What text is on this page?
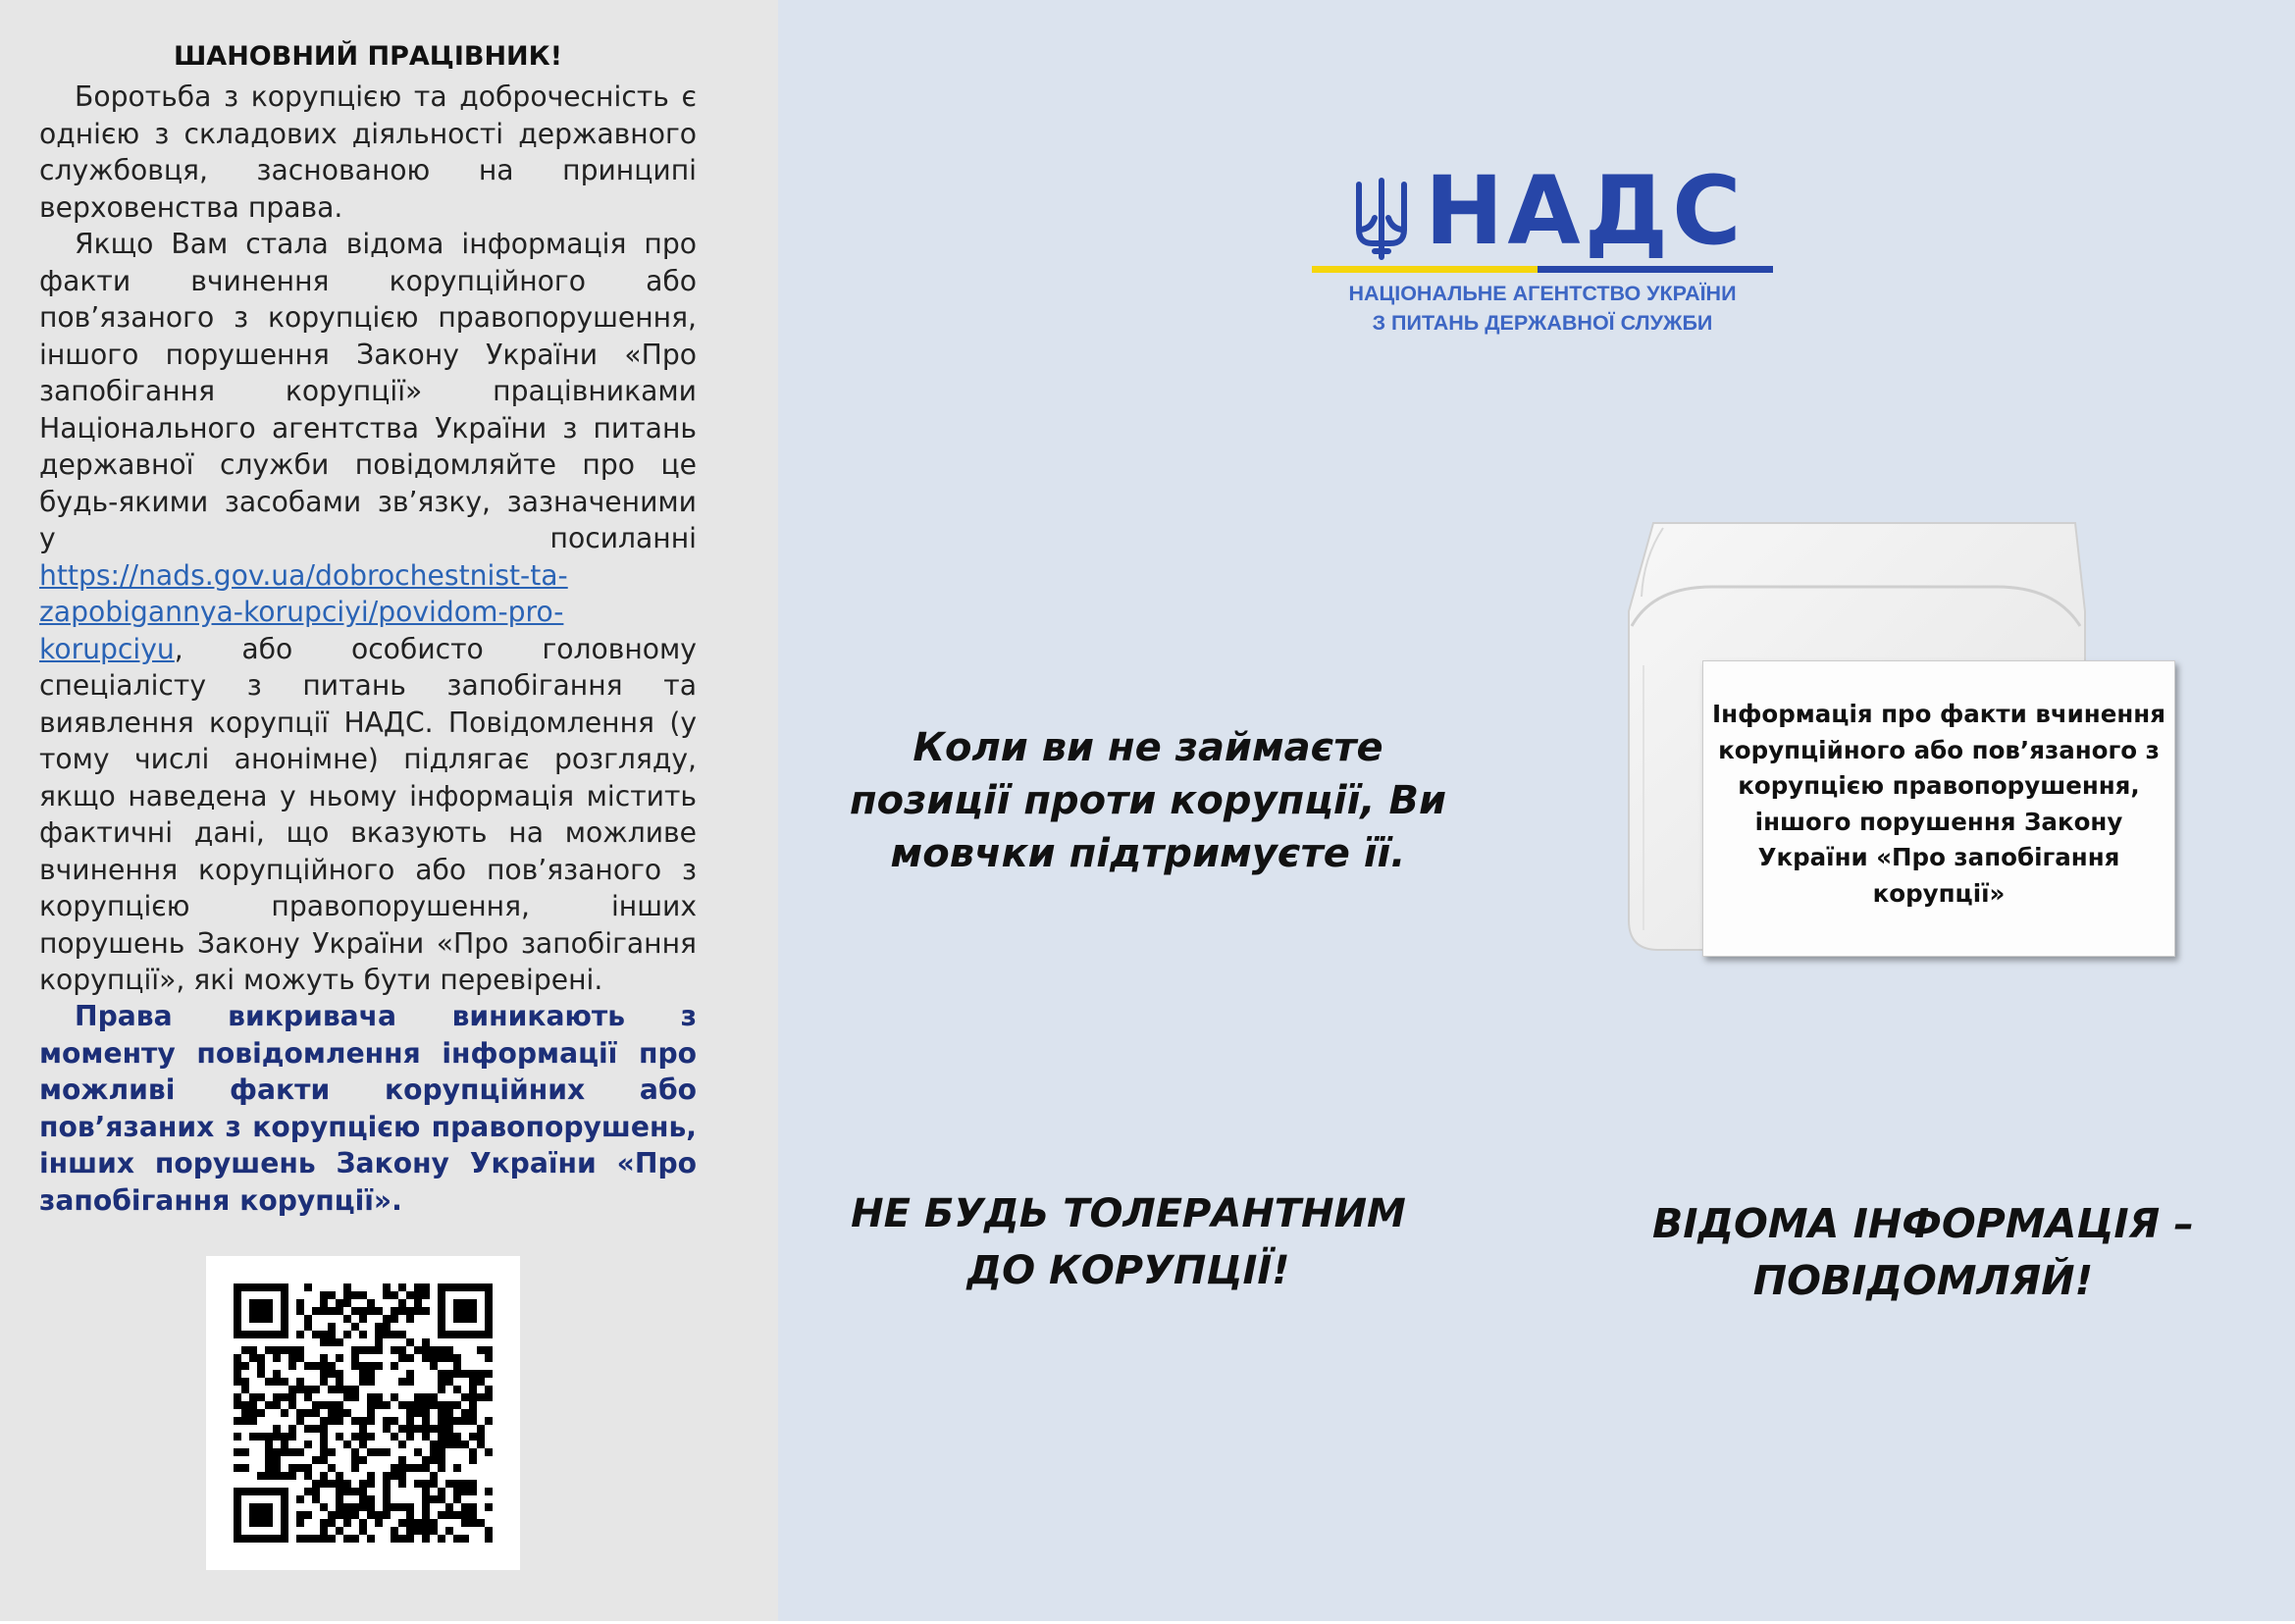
ШАНОВНИЙ ПРАЦІВНИК!

Боротьба з корупцією та доброчесність є однією з складових діяльності державного службовця, заснованою на принципі верховенства права.

Якщо Вам стала відома інформація про факти вчинення корупційного або пов’язаного з корупцією правопорушення, іншого порушення Закону України «Про запобігання корупції» працівниками Національного агентства України з питань державної служби повідомляйте про це будь-якими засобами зв’язку, зазначеними у посиланні https://nads.gov.ua/dobrochestnist-ta-zapobigannya-korupciyi/povidom-pro-korupciyu, або особисто головному спеціалісту з питань запобігання та виявлення корупції НАДС. Повідомлення (у тому числі анонімне) підлягає розгляду, якщо наведена у ньому інформація містить фактичні дані, що вказують на можливе вчинення корупційного або пов’язаного з корупцією правопорушення, інших порушень Закону України «Про запобігання корупції», які можуть бути перевірені.

Права викривача виникають з моменту повідомлення інформації про можливі факти корупційних або пов’язаних з корупцією правопорушень, інших порушень Закону України «Про запобігання корупції».

НАДС
НАЦІОНАЛЬНЕ АГЕНТСТВО УКРАЇНИ
З ПИТАНЬ ДЕРЖАВНОЇ СЛУЖБИ

Коли ви не займаєте позиції проти корупції, Ви мовчки підтримуєте її.

НЕ БУДЬ ТОЛЕРАНТНИМ ДО КОРУПЦІЇ!

ВІДОМА ІНФОРМАЦІЯ – ПОВІДОМЛЯЙ!

Інформація про факти вчинення корупційного або пов’язаного з корупцією правопорушення, іншого порушення Закону України «Про запобігання корупції»
